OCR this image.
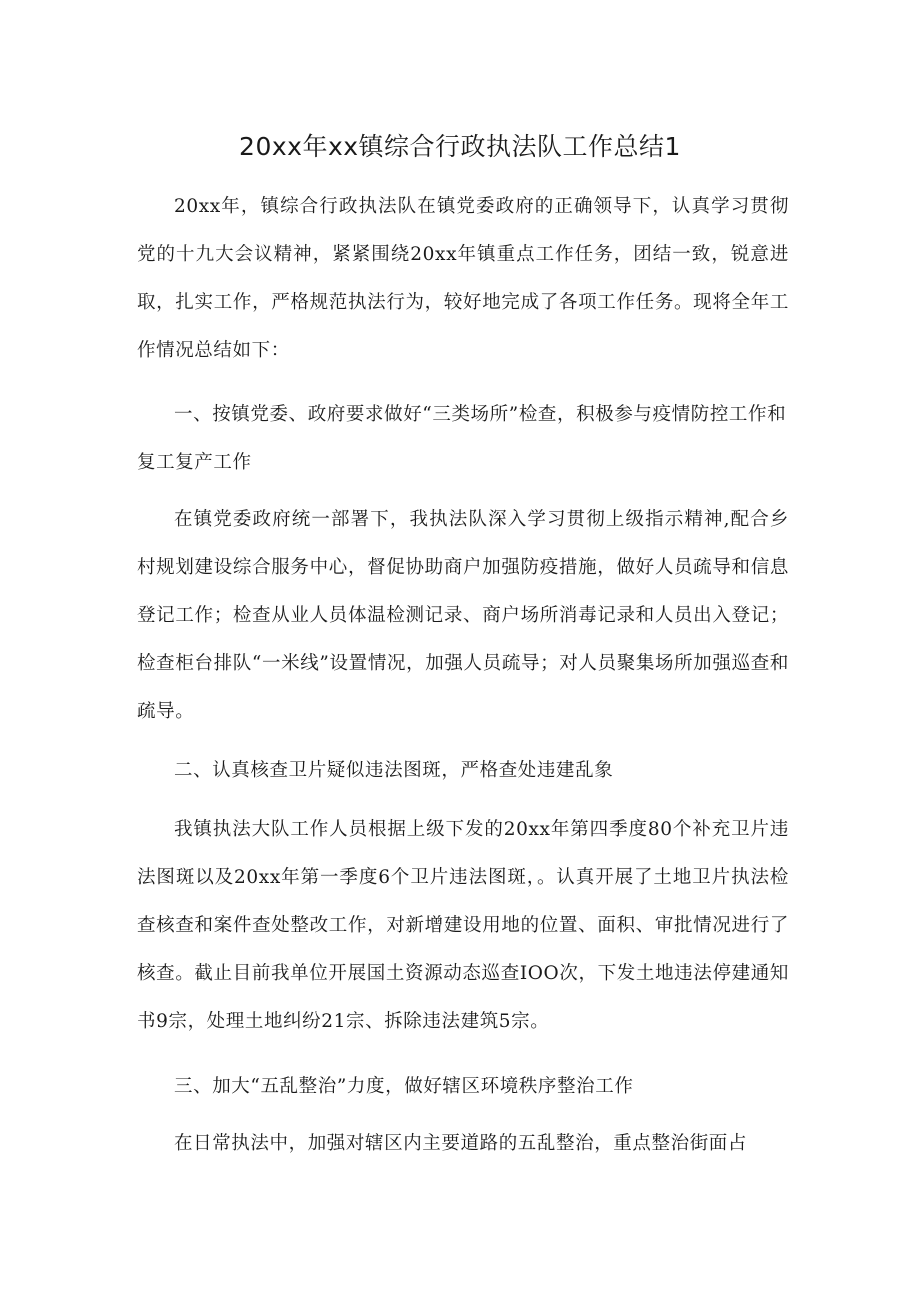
20xx年xx镇综合行政执法队工作总结1

20xx年，镇综合行政执法队在镇党委政府的正确领导下，认真学习贯彻党的十九大会议精神，紧紧围绕20xx年镇重点工作任务，团结一致，锐意进取，扎实工作，严格规范执法行为，较好地完成了各项工作任务。现将全年工作情况总结如下：

一、按镇党委、政府要求做好“三类场所”检查，积极参与疫情防控工作和复工复产工作

在镇党委政府统一部署下，我执法队深入学习贯彻上级指示精神,配合乡村规划建设综合服务中心，督促协助商户加强防疫措施，做好人员疏导和信息登记工作；检查从业人员体温检测记录、商户场所消毒记录和人员出入登记；检查柜台排队“一米线”设置情况，加强人员疏导；对人员聚集场所加强巡查和疏导。

二、认真核查卫片疑似违法图斑，严格查处违建乱象

我镇执法大队工作人员根据上级下发的20xx年第四季度80个补充卫片违法图斑以及20xx年第一季度6个卫片违法图斑，。认真开展了土地卫片执法检查核查和案件查处整改工作，对新增建设用地的位置、面积、审批情况进行了核查。截止目前我单位开展国土资源动态巡查IOO次，下发土地违法停建通知书9宗，处理土地纠纷21宗、拆除违法建筑5宗。

三、加大“五乱整治”力度，做好辖区环境秩序整治工作

在日常执法中，加强对辖区内主要道路的五乱整治，重点整治街面占
